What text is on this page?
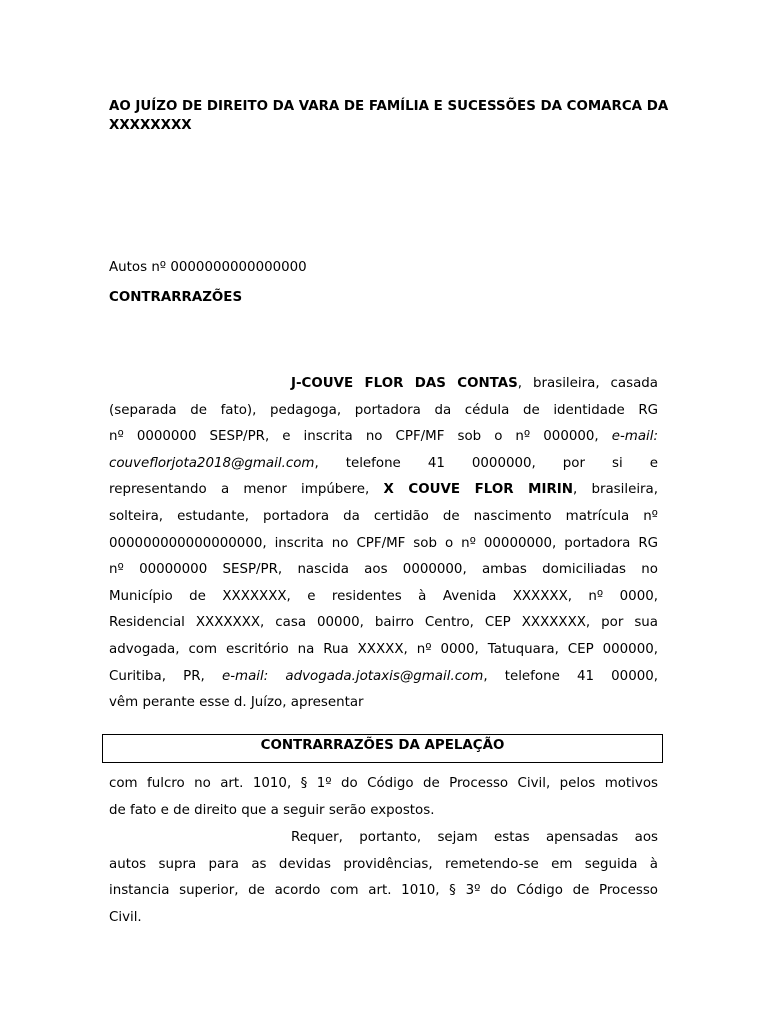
AO JUÍZO DE DIREITO DA VARA DE FAMÍLIA E SUCESSÕES DA COMARCA DA
XXXXXXXX
Autos nº 0000000000000000
CONTRARRAZÕES
J-COUVE FLOR DAS CONTAS, brasileira, casada
(separada de fato), pedagoga, portadora da cédula de identidade RG
nº 0000000 SESP/PR, e inscrita no CPF/MF sob o nº 000000, e-mail:
couveflorjota2018@gmail.com, telefone 41 0000000, por si e
representando a menor impúbere, X COUVE FLOR MIRIN, brasileira,
solteira, estudante, portadora da certidão de nascimento matrícula nº
000000000000000000, inscrita no CPF/MF sob o nº 00000000, portadora RG
nº 00000000 SESP/PR, nascida aos 0000000, ambas domiciliadas no
Município de XXXXXXX, e residentes à Avenida XXXXXX, nº 0000,
Residencial XXXXXXX, casa 00000, bairro Centro, CEP XXXXXXX, por sua
advogada, com escritório na Rua XXXXX, nº 0000, Tatuquara, CEP 000000,
Curitiba, PR, e-mail: advogada.jotaxis@gmail.com, telefone 41 00000,
vêm perante esse d. Juízo, apresentar
CONTRARRAZÕES DA APELAÇÃO
com fulcro no art. 1010, § 1º do Código de Processo Civil, pelos motivos
de fato e de direito que a seguir serão expostos.
Requer, portanto, sejam estas apensadas aos
autos supra para as devidas providências, remetendo-se em seguida à
instancia superior, de acordo com art. 1010, § 3º do Código de Processo
Civil.
